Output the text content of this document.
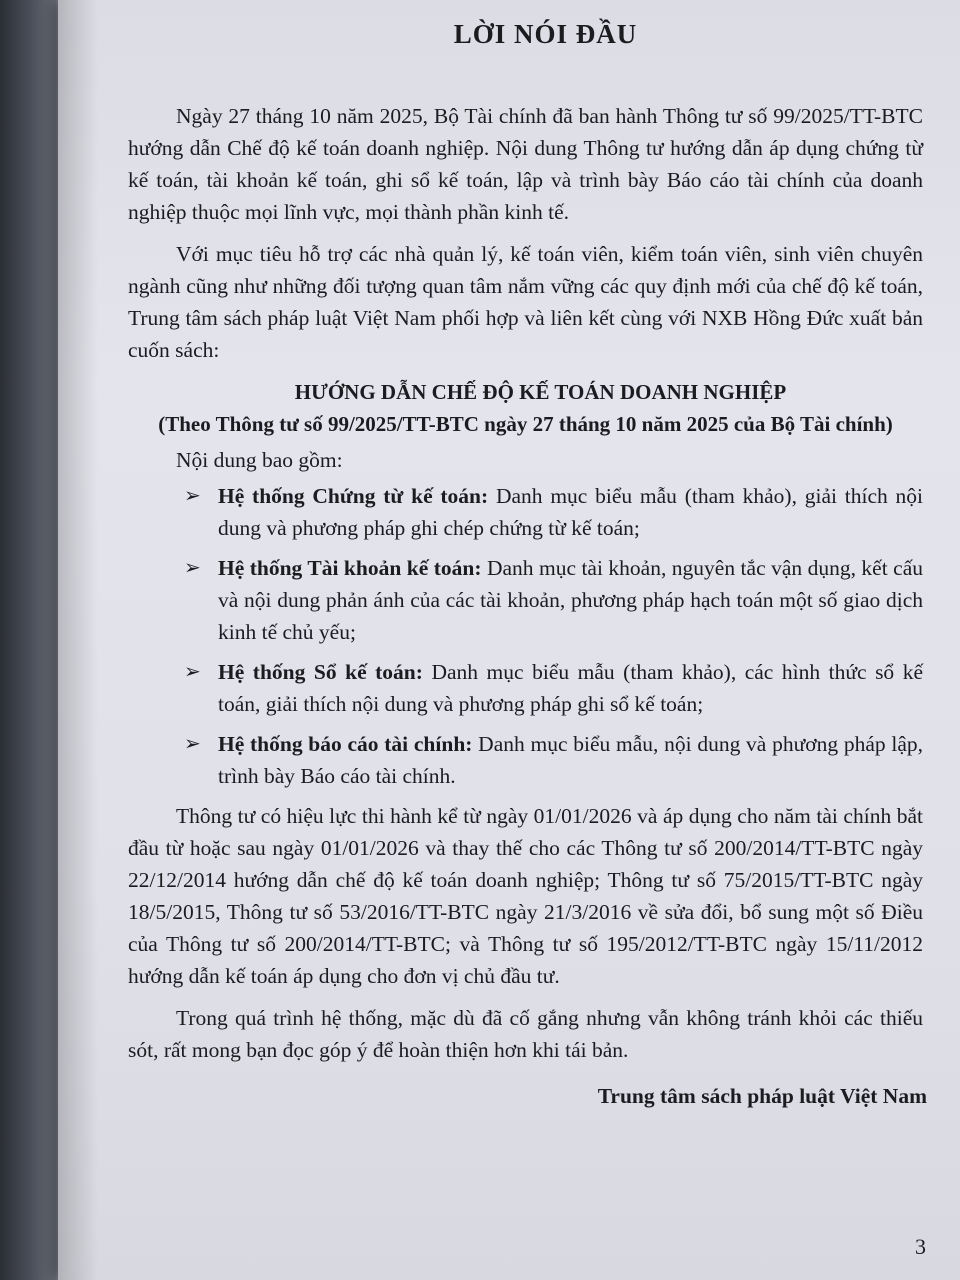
LỜI NÓI ĐẦU

Ngày 27 tháng 10 năm 2025, Bộ Tài chính đã ban hành Thông tư số 99/2025/TT-BTC hướng dẫn Chế độ kế toán doanh nghiệp. Nội dung Thông tư hướng dẫn áp dụng chứng từ kế toán, tài khoản kế toán, ghi sổ kế toán, lập và trình bày Báo cáo tài chính của doanh nghiệp thuộc mọi lĩnh vực, mọi thành phần kinh tế.

Với mục tiêu hỗ trợ các nhà quản lý, kế toán viên, kiểm toán viên, sinh viên chuyên ngành cũng như những đối tượng quan tâm nắm vững các quy định mới của chế độ kế toán, Trung tâm sách pháp luật Việt Nam phối hợp và liên kết cùng với NXB Hồng Đức xuất bản cuốn sách:

HƯỚNG DẪN CHẾ ĐỘ KẾ TOÁN DOANH NGHIỆP
(Theo Thông tư số 99/2025/TT-BTC ngày 27 tháng 10 năm 2025 của Bộ Tài chính)

Nội dung bao gồm:

➢ Hệ thống Chứng từ kế toán: Danh mục biểu mẫu (tham khảo), giải thích nội dung và phương pháp ghi chép chứng từ kế toán;
➢ Hệ thống Tài khoản kế toán: Danh mục tài khoản, nguyên tắc vận dụng, kết cấu và nội dung phản ánh của các tài khoản, phương pháp hạch toán một số giao dịch kinh tế chủ yếu;
➢ Hệ thống Sổ kế toán: Danh mục biểu mẫu (tham khảo), các hình thức sổ kế toán, giải thích nội dung và phương pháp ghi sổ kế toán;
➢ Hệ thống báo cáo tài chính: Danh mục biểu mẫu, nội dung và phương pháp lập, trình bày Báo cáo tài chính.

Thông tư có hiệu lực thi hành kể từ ngày 01/01/2026 và áp dụng cho năm tài chính bắt đầu từ hoặc sau ngày 01/01/2026 và thay thế cho các Thông tư số 200/2014/TT-BTC ngày 22/12/2014 hướng dẫn chế độ kế toán doanh nghiệp; Thông tư số 75/2015/TT-BTC ngày 18/5/2015, Thông tư số 53/2016/TT-BTC ngày 21/3/2016 về sửa đổi, bổ sung một số Điều của Thông tư số 200/2014/TT-BTC; và Thông tư số 195/2012/TT-BTC ngày 15/11/2012 hướng dẫn kế toán áp dụng cho đơn vị chủ đầu tư.

Trong quá trình hệ thống, mặc dù đã cố gắng nhưng vẫn không tránh khỏi các thiếu sót, rất mong bạn đọc góp ý để hoàn thiện hơn khi tái bản.

Trung tâm sách pháp luật Việt Nam
3
